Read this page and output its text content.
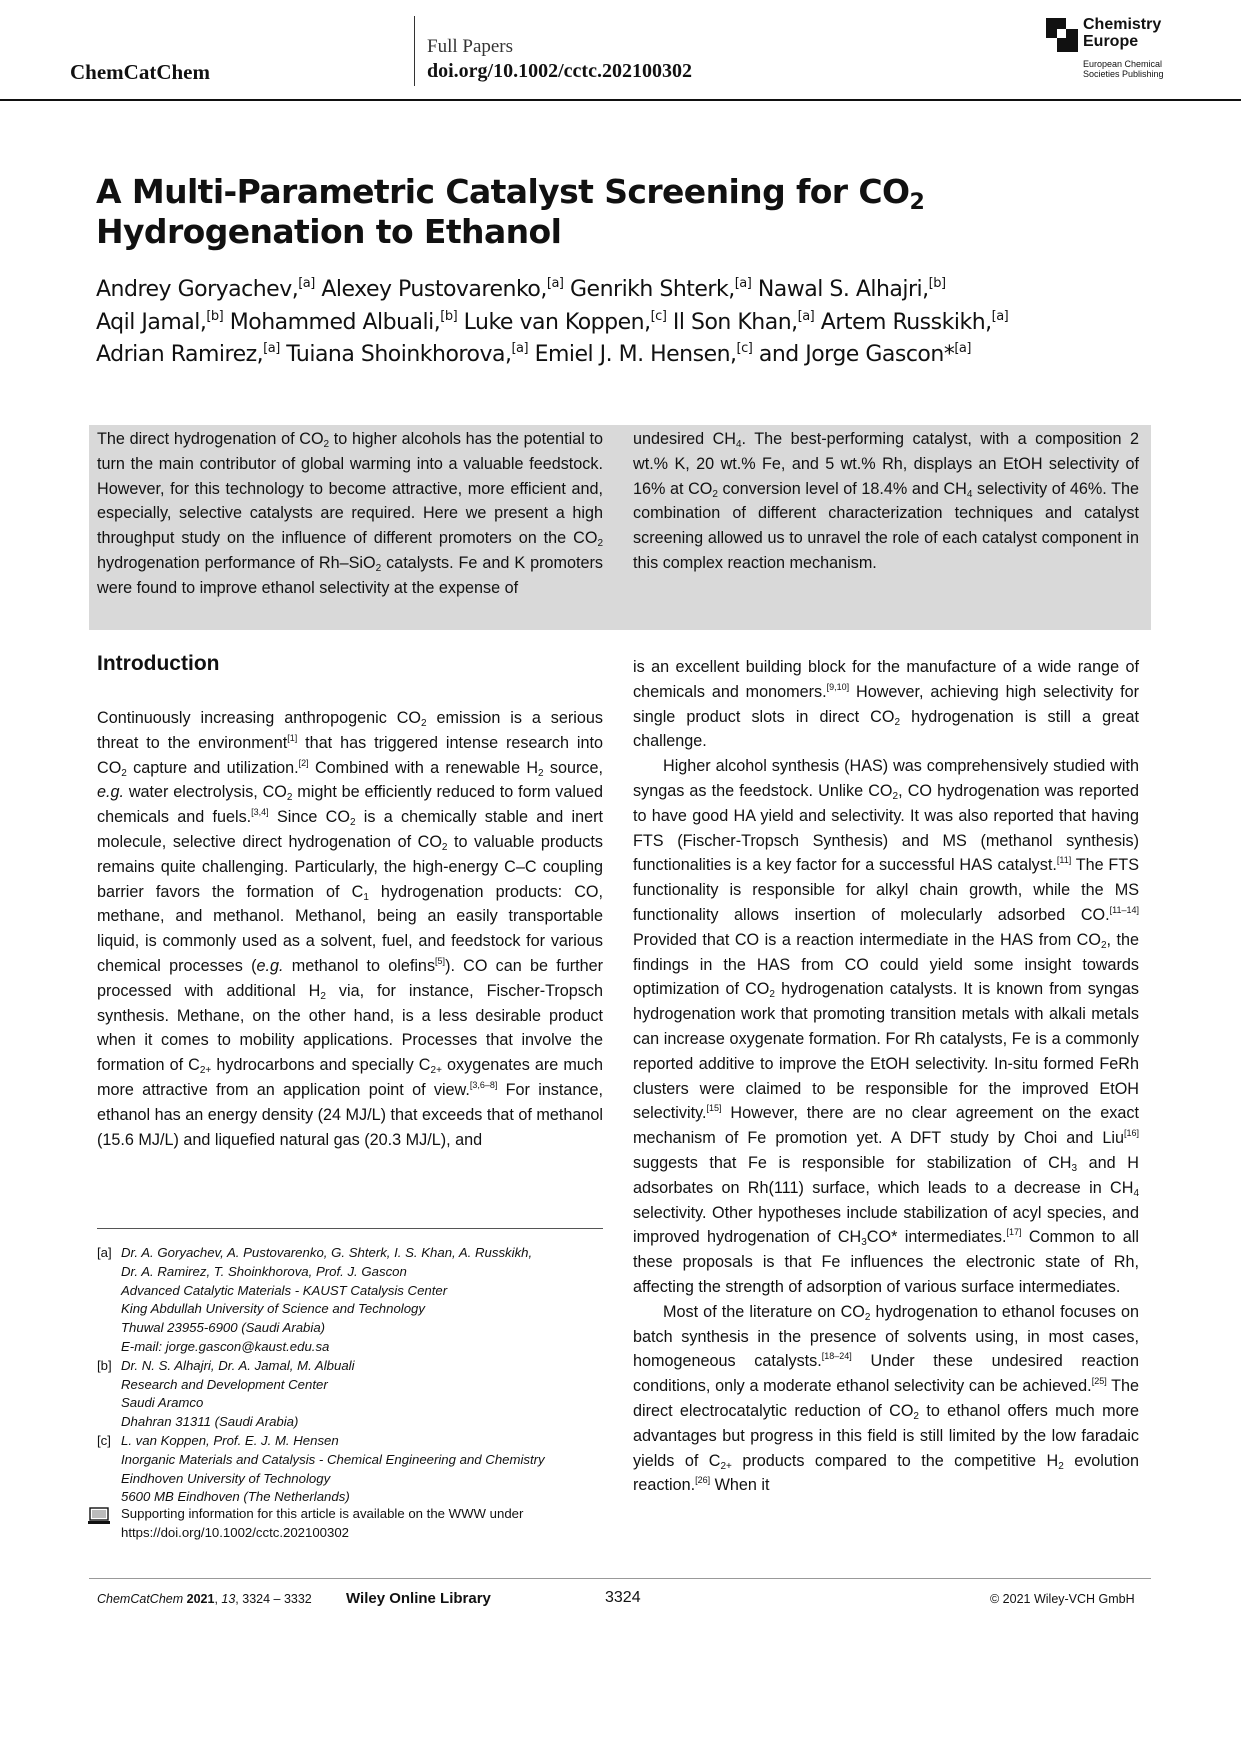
ChemCatChem
Full Papers
doi.org/10.1002/cctc.202100302
Chemistry
Europe
European Chemical
Societies Publishing
A Multi-Parametric Catalyst Screening for $CO_2$
Hydrogenation to Ethanol
Andrey Goryachev,[a] Alexey Pustovarenko,[a] Genrikh Shterk,[a] Nawal S. Alhajri,[b]
Aqil Jamal,[b] Mohammed Albuali,[b] Luke van Koppen,[c] Il Son Khan,[a] Artem Russkikh,[a]
Adrian Ramirez,[a] Tuiana Shoinkhorova,[a] Emiel J. M. Hensen,[c] and Jorge Gascon*[a]
The direct hydrogenation of $CO_2$ to higher alcohols has the potential to turn the main contributor of global warming into a valuable feedstock. However, for this technology to become attractive, more efficient and, especially, selective catalysts are required. Here we present a high throughput study on the influence of different promoters on the $CO_2$ hydrogenation performance of Rh–SiO$_2$ catalysts. Fe and K promoters were found to improve ethanol selectivity at the expense of
undesired $CH_4$. The best-performing catalyst, with a composition 2 wt.% K, 20 wt.% Fe, and 5 wt.% Rh, displays an EtOH selectivity of 16% at $CO_2$ conversion level of 18.4% and $CH_4$ selectivity of 46%. The combination of different characterization techniques and catalyst screening allowed us to unravel the role of each catalyst component in this complex reaction mechanism.
Introduction

Continuously increasing anthropogenic $CO_2$ emission is a serious threat to the environment[1] that has triggered intense research into $CO_2$ capture and utilization.[2] Combined with a renewable $H_2$ source, e.g. water electrolysis, $CO_2$ might be efficiently reduced to form valued chemicals and fuels.[3,4] Since $CO_2$ is a chemically stable and inert molecule, selective direct hydrogenation of $CO_2$ to valuable products remains quite challenging. Particularly, the high-energy C–C coupling barrier favors the formation of $C_1$ hydrogenation products: CO, methane, and methanol. Methanol, being an easily transportable liquid, is commonly used as a solvent, fuel, and feedstock for various chemical processes (e.g. methanol to olefins[5]). CO can be further processed with additional $H_2$ via, for instance, Fischer-Tropsch synthesis. Methane, on the other hand, is a less desirable product when it comes to mobility applications. Processes that involve the formation of $C_{2+}$ hydrocarbons and specially $C_{2+}$ oxygenates are much more attractive from an application point of view.[3,6–8] For instance, ethanol has an energy density (24 MJ/L) that exceeds that of methanol (15.6 MJ/L) and liquefied natural gas (20.3 MJ/L), and

is an excellent building block for the manufacture of a wide range of chemicals and monomers.[9,10] However, achieving high selectivity for single product slots in direct $CO_2$ hydrogenation is still a great challenge.

Higher alcohol synthesis (HAS) was comprehensively studied with syngas as the feedstock. Unlike $CO_2$, CO hydrogenation was reported to have good HA yield and selectivity. It was also reported that having FTS (Fischer-Tropsch Synthesis) and MS (methanol synthesis) functionalities is a key factor for a successful HAS catalyst.[11] The FTS functionality is responsible for alkyl chain growth, while the MS functionality allows insertion of molecularly adsorbed CO.[11–14] Provided that CO is a reaction intermediate in the HAS from $CO_2$, the findings in the HAS from CO could yield some insight towards optimization of $CO_2$ hydrogenation catalysts. It is known from syngas hydrogenation work that promoting transition metals with alkali metals can increase oxygenate formation. For Rh catalysts, Fe is a commonly reported additive to improve the EtOH selectivity. In-situ formed FeRh clusters were claimed to be responsible for the improved EtOH selectivity.[15] However, there are no clear agreement on the exact mechanism of Fe promotion yet. A DFT study by Choi and Liu[16] suggests that Fe is responsible for stabilization of $CH_3$ and H adsorbates on Rh(111) surface, which leads to a decrease in $CH_4$ selectivity. Other hypotheses include stabilization of acyl species, and improved hydrogenation of $CH_3CO*$ intermediates.[17] Common to all these proposals is that Fe influences the electronic state of Rh, affecting the strength of adsorption of various surface intermediates.

Most of the literature on $CO_2$ hydrogenation to ethanol focuses on batch synthesis in the presence of solvents using, in most cases, homogeneous catalysts.[18–24] Under these undesired reaction conditions, only a moderate ethanol selectivity can be achieved.[25] The direct electrocatalytic reduction of $CO_2$ to ethanol offers much more advantages but progress in this field is still limited by the low faradaic yields of $C_{2+}$ products compared to the competitive $H_2$ evolution reaction.[26] When it

[a] Dr. A. Goryachev, A. Pustovarenko, G. Shterk, I. S. Khan, A. Russkikh,
Dr. A. Ramirez, T. Shoinkhorova, Prof. J. Gascon
Advanced Catalytic Materials - KAUST Catalysis Center
King Abdullah University of Science and Technology
Thuwal 23955-6900 (Saudi Arabia)
E-mail: jorge.gascon@kaust.edu.sa
[b] Dr. N. S. Alhajri, Dr. A. Jamal, M. Albuali
Research and Development Center
Saudi Aramco
Dhahran 31311 (Saudi Arabia)
[c] L. van Koppen, Prof. E. J. M. Hensen
Inorganic Materials and Catalysis - Chemical Engineering and Chemistry
Eindhoven University of Technology
5600 MB Eindhoven (The Netherlands)
Supporting information for this article is available on the WWW under
https://doi.org/10.1002/cctc.202100302
ChemCatChem 2021, 13, 3324 – 3332 Wiley Online Library	3324	© 2021 Wiley-VCH GmbH
